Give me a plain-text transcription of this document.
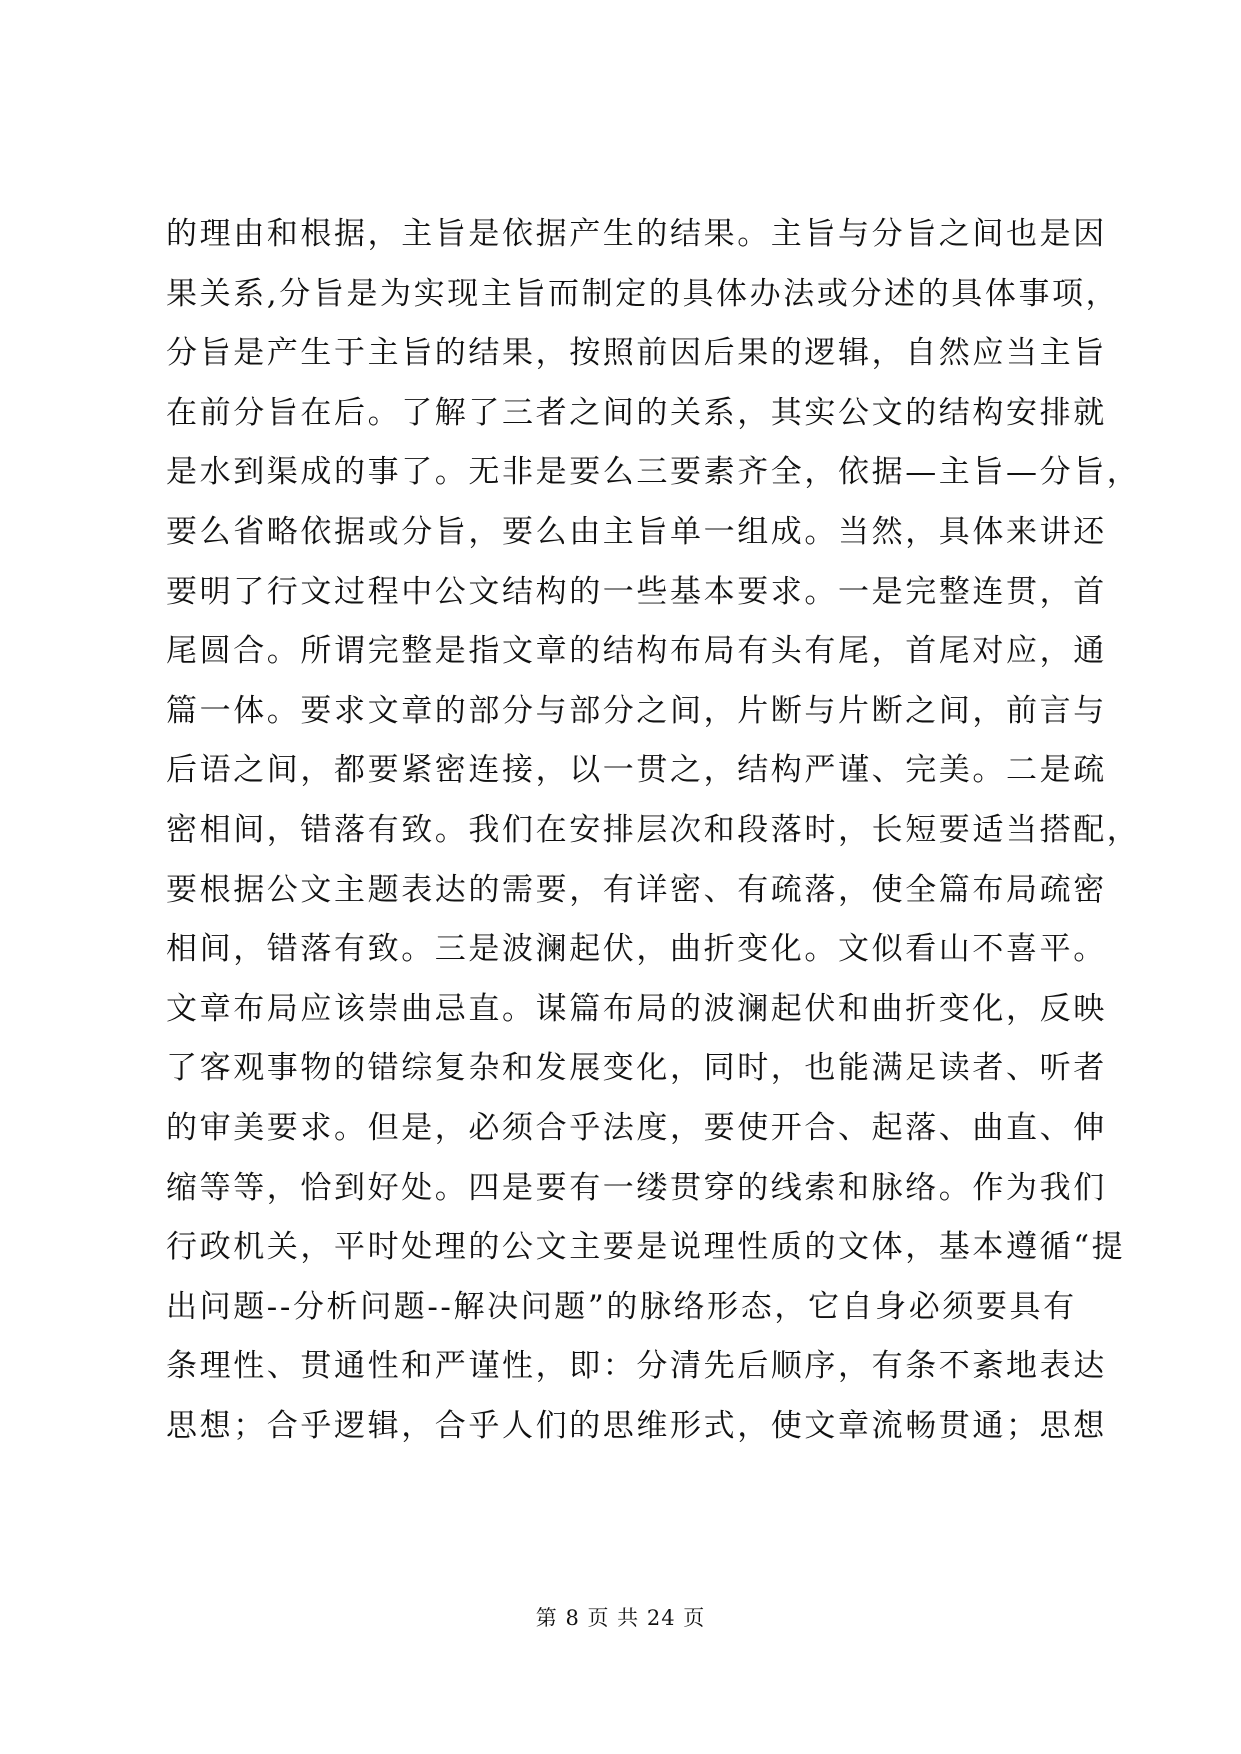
的理由和根据，主旨是依据产生的结果。主旨与分旨之间也是因
果关系,分旨是为实现主旨而制定的具体办法或分述的具体事项，
分旨是产生于主旨的结果，按照前因后果的逻辑，自然应当主旨
在前分旨在后。了解了三者之间的关系，其实公文的结构安排就
是水到渠成的事了。无非是要么三要素齐全，依据—主旨—分旨，
要么省略依据或分旨，要么由主旨单一组成。当然，具体来讲还
要明了行文过程中公文结构的一些基本要求。一是完整连贯，首
尾圆合。所谓完整是指文章的结构布局有头有尾，首尾对应，通
篇一体。要求文章的部分与部分之间，片断与片断之间，前言与
后语之间，都要紧密连接，以一贯之，结构严谨、完美。二是疏
密相间，错落有致。我们在安排层次和段落时，长短要适当搭配，
要根据公文主题表达的需要，有详密、有疏落，使全篇布局疏密
相间，错落有致。三是波澜起伏，曲折变化。文似看山不喜平。
文章布局应该崇曲忌直。谋篇布局的波澜起伏和曲折变化，反映
了客观事物的错综复杂和发展变化，同时，也能满足读者、听者
的审美要求。但是，必须合乎法度，要使开合、起落、曲直、伸
缩等等，恰到好处。四是要有一缕贯穿的线索和脉络。作为我们
行政机关，平时处理的公文主要是说理性质的文体，基本遵循“提
出问题--分析问题--解决问题”的脉络形态，它自身必须要具有
条理性、贯通性和严谨性，即：分清先后顺序，有条不紊地表达
思想；合乎逻辑，合乎人们的思维形式，使文章流畅贯通；思想
第 8 页 共 24 页
